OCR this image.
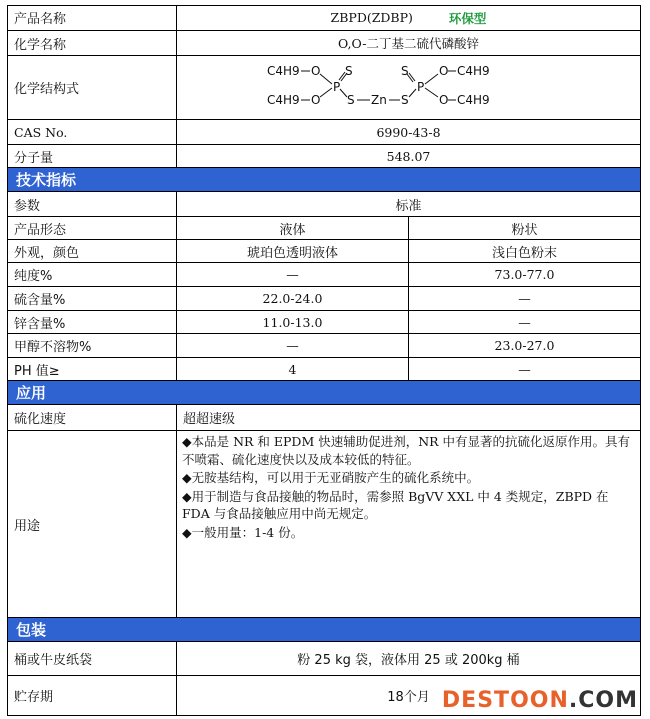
产品名称	ZBPD(ZDBP)	环保型
化学名称	O,O-二丁基二硫代磷酸锌
化学结构式
C4H9
C4H9
O
O
P
S
S Zn S
S
P
O
O
C4H9
C4H9
CAS No.	6990-43-8
分子量	548.07
技术指标
参数	标准
产品形态	液体	粉状
外观，颜色	琥珀色透明液体	浅白色粉末
纯度%	—	73.0-77.0
硫含量%	22.0-24.0	—
锌含量%	11.0-13.0	—
甲醇不溶物%	—	23.0-27.0
PH 值≥	4	—
应用
硫化速度	超超速级
用途

◆本品是 NR 和 EPDM 快速辅助促进剂，NR 中有显著的抗硫化返原作用。具有不喷霜、硫化速度快以及成本较低的特征。

◆无胺基结构，可以用于无亚硝胺产生的硫化系统中。

◆用于制造与食品接触的物品时，需参照 BgVV XXL 中 4 类规定，ZBPD 在 FDA 与食品接触应用中尚无规定。

◆一般用量：1-4 份。

包装
桶或牛皮纸袋	粉 25 kg 袋，液体用 25 或 200kg 桶
贮存期	18个月 DESTOON.COM
